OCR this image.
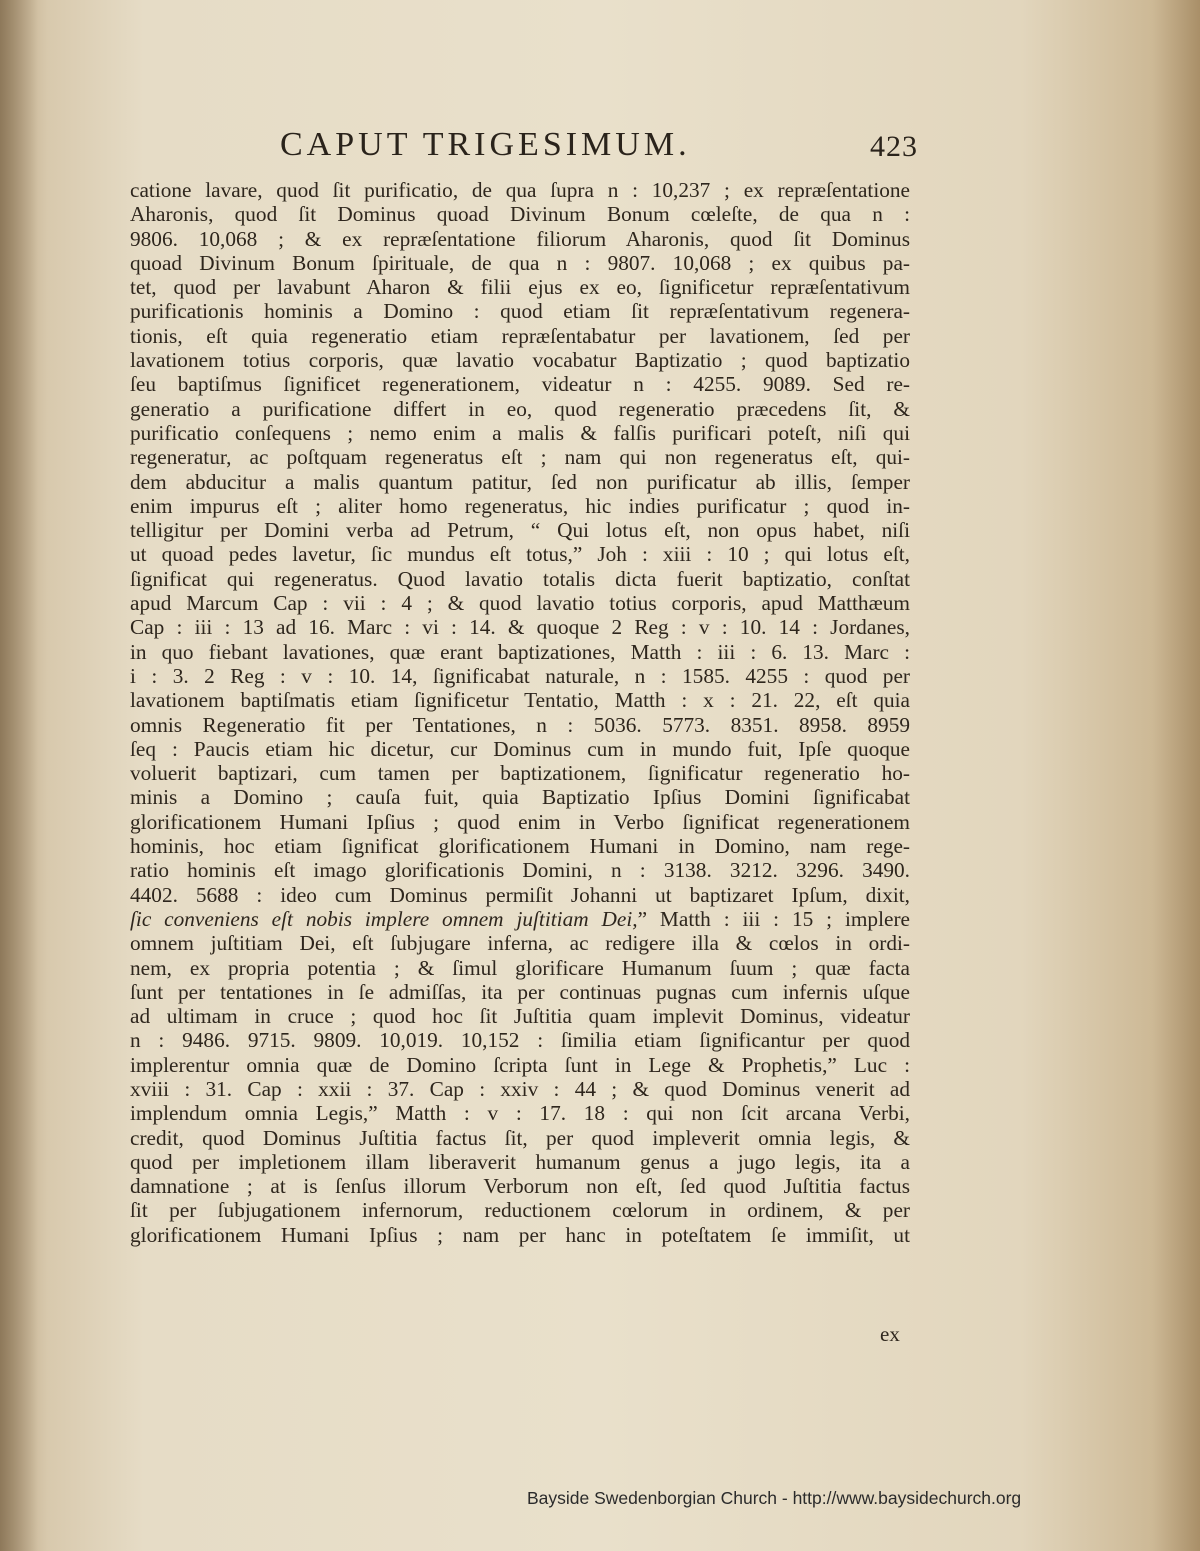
CAPUT TRIGESIMUM.	423
catione lavare, quod ſit purificatio, de qua ſupra n : 10,237 ; ex repræſentatione
Aharonis, quod ſit Dominus quoad Divinum Bonum cœleſte, de qua n :
9806. 10,068 ; & ex repræſentatione filiorum Aharonis, quod ſit Dominus
quoad Divinum Bonum ſpirituale, de qua n : 9807. 10,068 ; ex quibus pa-
tet, quod per lavabunt Aharon & filii ejus ex eo, ſignificetur repræſentativum
purificationis hominis a Domino : quod etiam ſit repræſentativum regenera-
tionis, eſt quia regeneratio etiam repræſentabatur per lavationem, ſed per
lavationem totius corporis, quæ lavatio vocabatur Baptizatio ; quod baptizatio
ſeu baptiſmus ſignificet regenerationem, videatur n : 4255. 9089. Sed re-
generatio a purificatione differt in eo, quod regeneratio præcedens ſit, &
purificatio conſequens ; nemo enim a malis & falſis purificari poteſt, niſi qui
regeneratur, ac poſtquam regeneratus eſt ; nam qui non regeneratus eſt, qui-
dem abducitur a malis quantum patitur, ſed non purificatur ab illis, ſemper
enim impurus eſt ; aliter homo regeneratus, hic indies purificatur ; quod in-
telligitur per Domini verba ad Petrum, “ Qui lotus eſt, non opus habet, niſi
ut quoad pedes lavetur, ſic mundus eſt totus,” Joh : xiii : 10 ; qui lotus eſt,
ſignificat qui regeneratus. Quod lavatio totalis dicta fuerit baptizatio, conſtat
apud Marcum Cap : vii : 4 ; & quod lavatio totius corporis, apud Matthæum
Cap : iii : 13 ad 16. Marc : vi : 14. & quoque 2 Reg : v : 10. 14 : Jordanes,
in quo fiebant lavationes, quæ erant baptizationes, Matth : iii : 6. 13. Marc :
i : 3. 2 Reg : v : 10. 14, ſignificabat naturale, n : 1585. 4255 : quod per
lavationem baptiſmatis etiam ſignificetur Tentatio, Matth : x : 21. 22, eſt quia
omnis Regeneratio fit per Tentationes, n : 5036. 5773. 8351. 8958. 8959
ſeq : Paucis etiam hic dicetur, cur Dominus cum in mundo fuit, Ipſe quoque
voluerit baptizari, cum tamen per baptizationem, ſignificatur regeneratio ho-
minis a Domino ; cauſa fuit, quia Baptizatio Ipſius Domini ſignificabat
glorificationem Humani Ipſius ; quod enim in Verbo ſignificat regenerationem
hominis, hoc etiam ſignificat glorificationem Humani in Domino, nam rege-
ratio hominis eſt imago glorificationis Domini, n : 3138. 3212. 3296. 3490.
4402. 5688 : ideo cum Dominus permiſit Johanni ut baptizaret Ipſum, dixit,
ſic conveniens eſt nobis implere omnem juſtitiam Dei,” Matth : iii : 15 ; implere
omnem juſtitiam Dei, eſt ſubjugare inferna, ac redigere illa & cœlos in ordi-
nem, ex propria potentia ; & ſimul glorificare Humanum ſuum ; quæ facta
ſunt per tentationes in ſe admiſſas, ita per continuas pugnas cum infernis uſque
ad ultimam in cruce ; quod hoc ſit Juſtitia quam implevit Dominus, videatur
n : 9486. 9715. 9809. 10,019. 10,152 : ſimilia etiam ſignificantur per quod
implerentur omnia quæ de Domino ſcripta ſunt in Lege & Prophetis,” Luc :
xviii : 31. Cap : xxii : 37. Cap : xxiv : 44 ; & quod Dominus venerit ad
implendum omnia Legis,” Matth : v : 17. 18 : qui non ſcit arcana Verbi,
credit, quod Dominus Juſtitia factus ſit, per quod impleverit omnia legis, &
quod per impletionem illam liberaverit humanum genus a jugo legis, ita a
damnatione ; at is ſenſus illorum Verborum non eſt, ſed quod Juſtitia factus
ſit per ſubjugationem infernorum, reductionem cœlorum in ordinem, & per
glorificationem Humani Ipſius ; nam per hanc in poteſtatem ſe immiſit, ut
ex
Bayside Swedenborgian Church - http://www.baysidechurch.org
